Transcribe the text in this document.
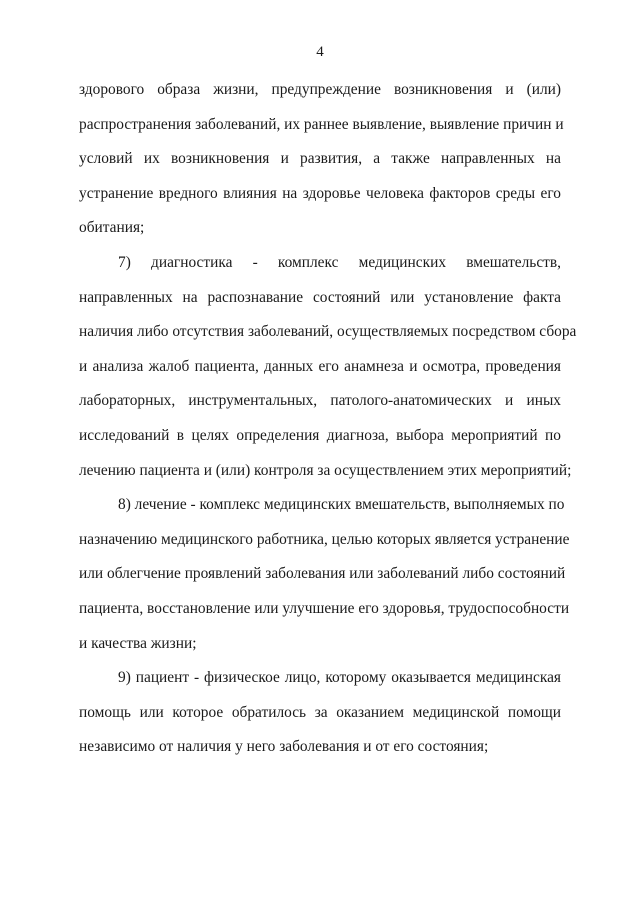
4
здорового образа жизни, предупреждение возникновения и (или)
распространения заболеваний, их раннее выявление, выявление причин и
условий их возникновения и развития, а также направленных на
устранение вредного влияния на здоровье человека факторов среды его
обитания;
7) диагностика - комплекс медицинских вмешательств,
направленных на распознавание состояний или установление факта
наличия либо отсутствия заболеваний, осуществляемых посредством сбора
и анализа жалоб пациента, данных его анамнеза и осмотра, проведения
лабораторных, инструментальных, патолого-анатомических и иных
исследований в целях определения диагноза, выбора мероприятий по
лечению пациента и (или) контроля за осуществлением этих мероприятий;
8) лечение - комплекс медицинских вмешательств, выполняемых по
назначению медицинского работника, целью которых является устранение
или облегчение проявлений заболевания или заболеваний либо состояний
пациента, восстановление или улучшение его здоровья, трудоспособности
и качества жизни;
9) пациент - физическое лицо, которому оказывается медицинская
помощь или которое обратилось за оказанием медицинской помощи
независимо от наличия у него заболевания и от его состояния;
